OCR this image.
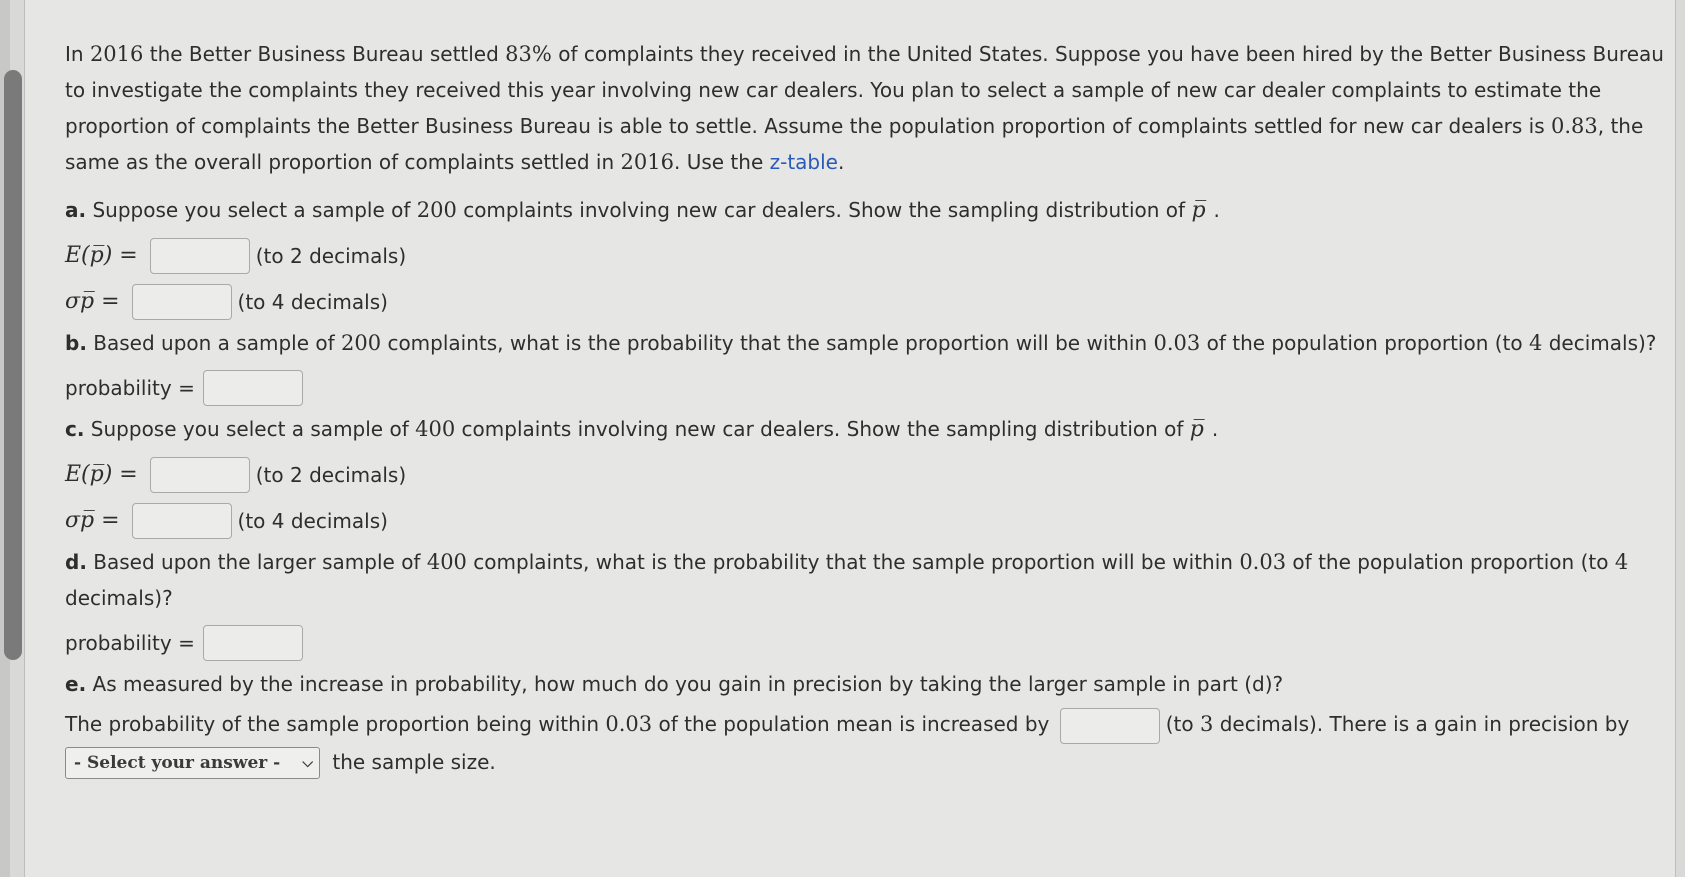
In 2016 the Better Business Bureau settled 83% of complaints they received in the United States. Suppose you have been hired by the Better Business Bureau to investigate the complaints they received this year involving new car dealers. You plan to select a sample of new car dealer complaints to estimate the proportion of complaints the Better Business Bureau is able to settle. Assume the population proportion of complaints settled for new car dealers is 0.83, the same as the overall proportion of complaints settled in 2016. Use the z-table.

a. Suppose you select a sample of 200 complaints involving new car dealers. Show the sampling distribution of p̅ .

E(p̅) =	(to 2 decimals)
σp̅ =	(to 4 decimals)

b. Based upon a sample of 200 complaints, what is the probability that the sample proportion will be within 0.03 of the population proportion (to 4 decimals)?

probability =

c. Suppose you select a sample of 400 complaints involving new car dealers. Show the sampling distribution of p̅ .

E(p̅) =	(to 2 decimals)
σp̅ =	(to 4 decimals)

d. Based upon the larger sample of 400 complaints, what is the probability that the sample proportion will be within 0.03 of the population proportion (to 4 decimals)?

probability =

e. As measured by the increase in probability, how much do you gain in precision by taking the larger sample in part (d)?

The probability of the sample proportion being within 0.03 of the population mean is increased by	(to 3 decimals). There is a gain in precision by
- Select your answer - ⌵ the sample size.
